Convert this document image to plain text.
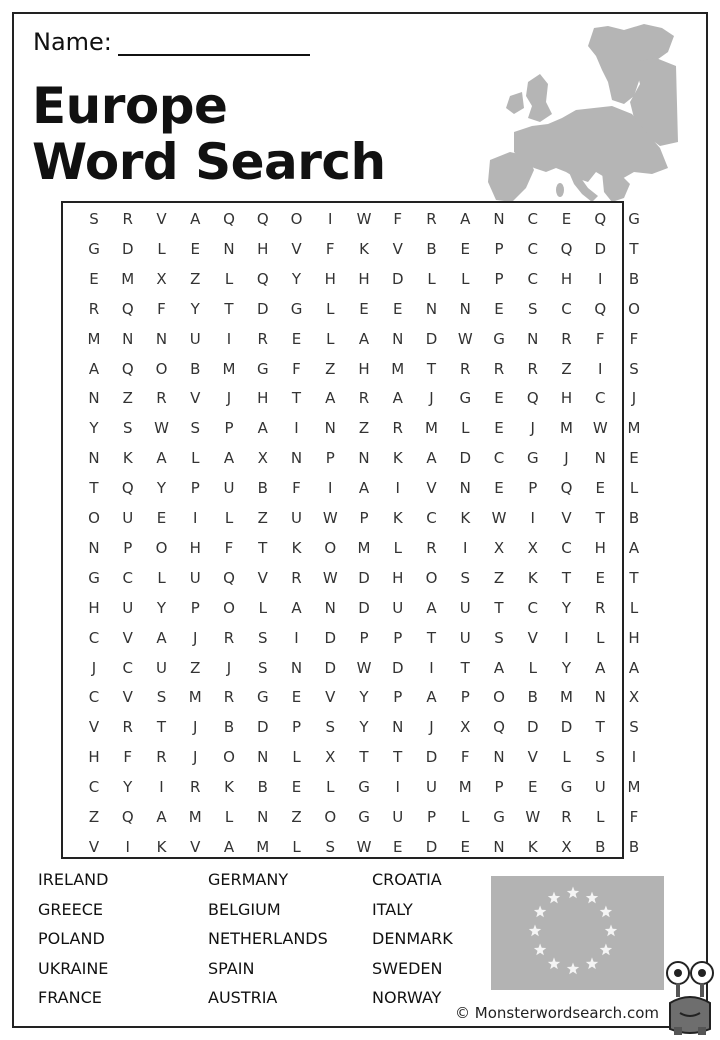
Name:
Europe
Word Search
S	R	V	A	Q	Q	O	I	W	F	R	A	N	C	E	Q	G
G	D	L	E	N	H	V	F	K	V	B	E	P	C	Q	D	T
E	M	X	Z	L	Q	Y	H	H	D	L	L	P	C	H	I	B
R	Q	F	Y	T	D	G	L	E	E	N	N	E	S	C	Q	O
M	N	N	U	I	R	E	L	A	N	D	W	G	N	R	F	F
A	Q	O	B	M	G	F	Z	H	M	T	R	R	R	Z	I	S
N	Z	R	V	J	H	T	A	R	A	J	G	E	Q	H	C	J
Y	S	W	S	P	A	I	N	Z	R	M	L	E	J	M	W	M
N	K	A	L	A	X	N	P	N	K	A	D	C	G	J	N	E
T	Q	Y	P	U	B	F	I	A	I	V	N	E	P	Q	E	L
O	U	E	I	L	Z	U	W	P	K	C	K	W	I	V	T	B
N	P	O	H	F	T	K	O	M	L	R	I	X	X	C	H	A
G	C	L	U	Q	V	R	W	D	H	O	S	Z	K	T	E	T
H	U	Y	P	O	L	A	N	D	U	A	U	T	C	Y	R	L
C	V	A	J	R	S	I	D	P	P	T	U	S	V	I	L	H
J	C	U	Z	J	S	N	D	W	D	I	T	A	L	Y	A	A
C	V	S	M	R	G	E	V	Y	P	A	P	O	B	M	N	X
V	R	T	J	B	D	P	S	Y	N	J	X	Q	D	D	T	S
H	F	R	J	O	N	L	X	T	T	D	F	N	V	L	S	I
C	Y	I	R	K	B	E	L	G	I	U	M	P	E	G	U	M
Z	Q	A	M	L	N	Z	O	G	U	P	L	G	W	R	L	F
V	I	K	V	A	M	L	S	W	E	D	E	N	K	X	B	B
IRELAND
GREECE
POLAND
UKRAINE
FRANCE
GERMANY
BELGIUM
NETHERLANDS
SPAIN
AUSTRIA
CROATIA
ITALY
DENMARK
SWEDEN
NORWAY
© Monsterwordsearch.com
